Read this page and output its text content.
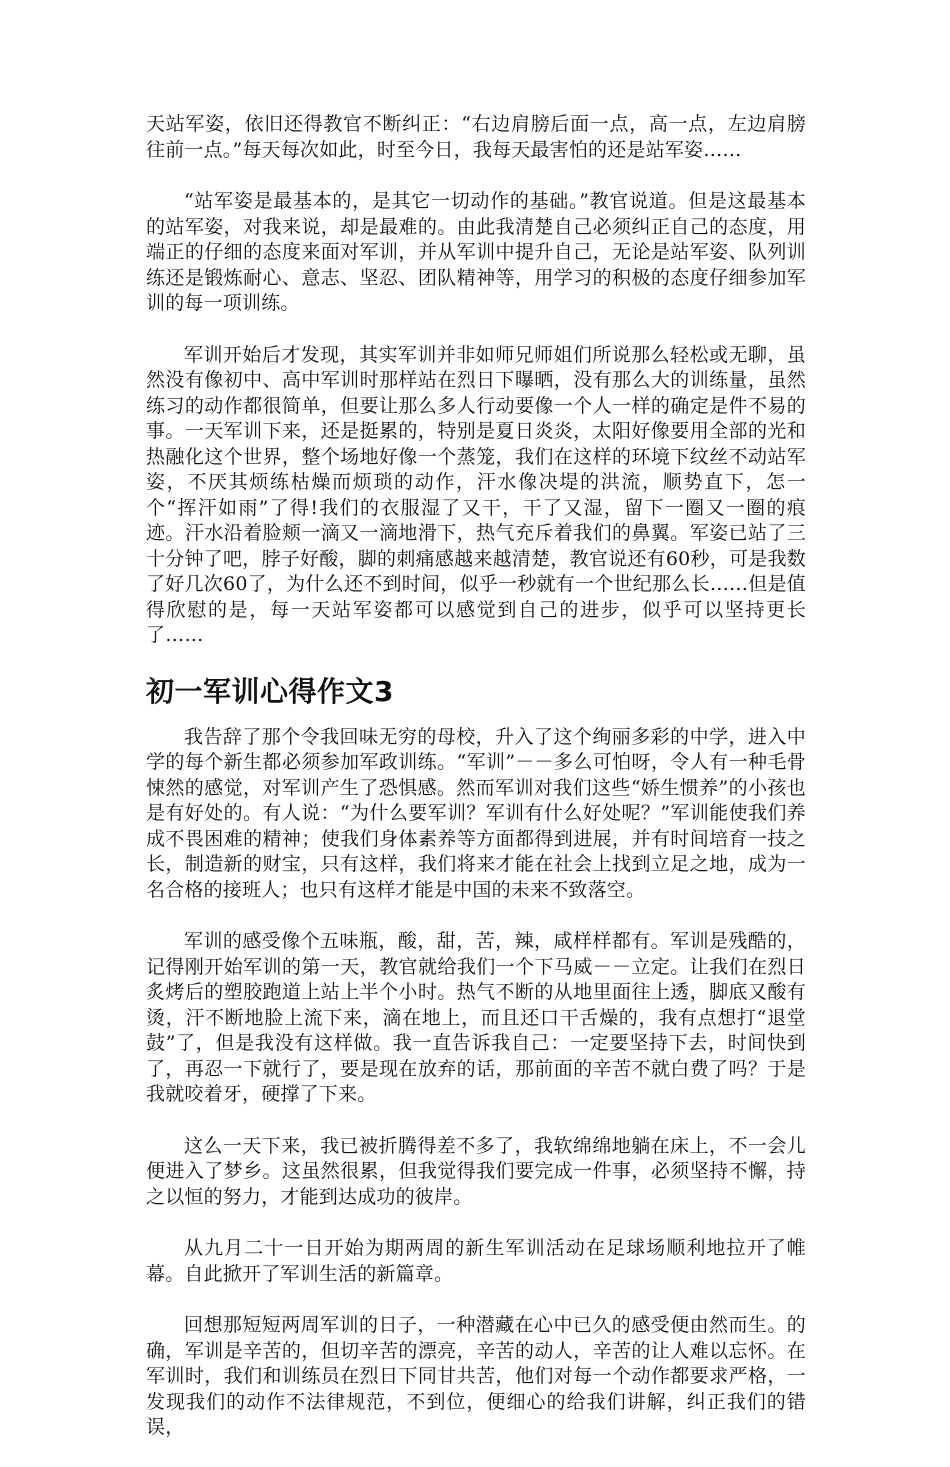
天站军姿，依旧还得教官不断纠正：“右边肩膀后面一点，高一点，左边肩膀往前一点。”每天每次如此，时至今日，我每天最害怕的还是站军姿……

“站军姿是最基本的，是其它一切动作的基础。”教官说道。但是这最基本的站军姿，对我来说，却是最难的。由此我清楚自己必须纠正自己的态度，用端正的仔细的态度来面对军训，并从军训中提升自己，无论是站军姿、队列训练还是锻炼耐心、意志、坚忍、团队精神等，用学习的积极的态度仔细参加军训的每一项训练。

军训开始后才发现，其实军训并非如师兄师姐们所说那么轻松或无聊，虽然没有像初中、高中军训时那样站在烈日下曝晒，没有那么大的训练量，虽然练习的动作都很简单，但要让那么多人行动要像一个人一样的确定是件不易的事。一天军训下来，还是挺累的，特别是夏日炎炎，太阳好像要用全部的光和热融化这个世界，整个场地好像一个蒸笼，我们在这样的环境下纹丝不动站军姿，不厌其烦练枯燥而烦琐的动作，汗水像决堤的洪流，顺势直下，怎一个“挥汗如雨”了得!我们的衣服湿了又干，干了又湿，留下一圈又一圈的痕迹。汗水沿着脸颊一滴又一滴地滑下，热气充斥着我们的鼻翼。军姿已站了三十分钟了吧，脖子好酸，脚的刺痛感越来越清楚，教官说还有60秒，可是我数了好几次60了，为什么还不到时间，似乎一秒就有一个世纪那么长……但是值得欣慰的是，每一天站军姿都可以感觉到自己的进步，似乎可以坚持更长了……

初一军训心得作文3

我告辞了那个令我回味无穷的母校，升入了这个绚丽多彩的中学，进入中学的每个新生都必须参加军政训练。“军训”－－多么可怕呀，令人有一种毛骨悚然的感觉，对军训产生了恐惧感。然而军训对我们这些“娇生惯养”的小孩也是有好处的。有人说：“为什么要军训？军训有什么好处呢？”军训能使我们养成不畏困难的精神；使我们身体素养等方面都得到进展，并有时间培育一技之长，制造新的财宝，只有这样，我们将来才能在社会上找到立足之地，成为一名合格的接班人；也只有这样才能是中国的未来不致落空。

军训的感受像个五味瓶，酸，甜，苦，辣，咸样样都有。军训是残酷的，记得刚开始军训的第一天，教官就给我们一个下马威－－立定。让我们在烈日炙烤后的塑胶跑道上站上半个小时。热气不断的从地里面往上透，脚底又酸有烫，汗不断地脸上流下来，滴在地上，而且还口干舌燥的，我有点想打“退堂鼓”了，但是我没有这样做。我一直告诉我自己：一定要坚持下去，时间快到了，再忍一下就行了，要是现在放弃的话，那前面的辛苦不就白费了吗？于是我就咬着牙，硬撑了下来。

这么一天下来，我已被折腾得差不多了，我软绵绵地躺在床上，不一会儿便进入了梦乡。这虽然很累，但我觉得我们要完成一件事，必须坚持不懈，持之以恒的努力，才能到达成功的彼岸。

从九月二十一日开始为期两周的新生军训活动在足球场顺利地拉开了帷幕。自此掀开了军训生活的新篇章。

回想那短短两周军训的日子，一种潜藏在心中已久的感受便由然而生。的确，军训是辛苦的，但切辛苦的漂亮，辛苦的动人，辛苦的让人难以忘怀。在军训时，我们和训练员在烈日下同甘共苦，他们对每一个动作都要求严格，一发现我们的动作不法律规范，不到位，便细心的给我们讲解，纠正我们的错误，
